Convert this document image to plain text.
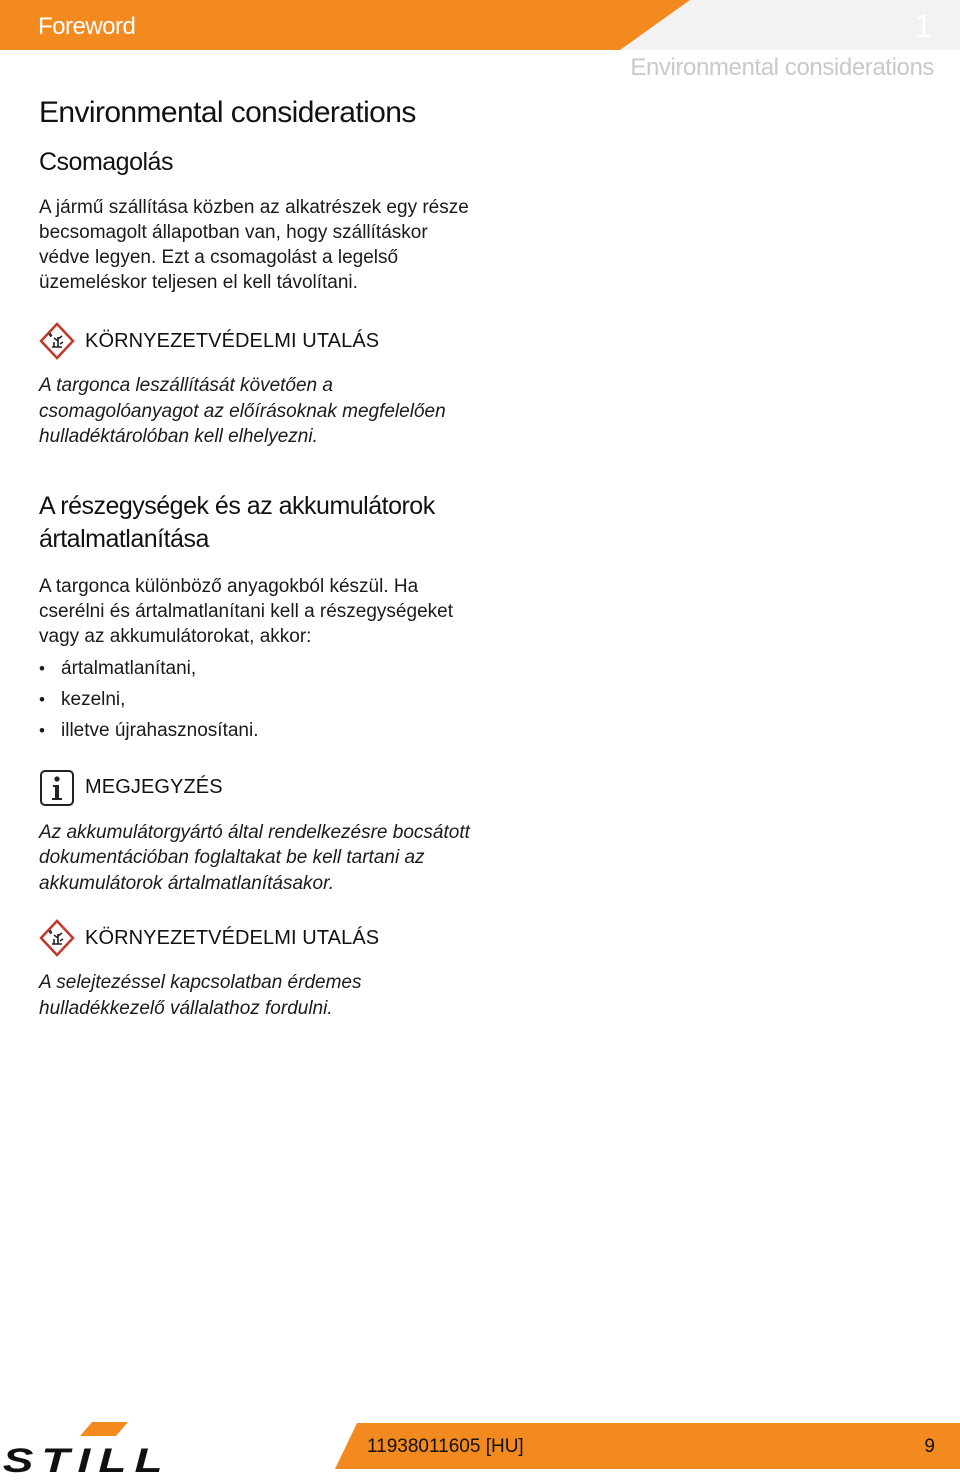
Foreword	1
Environmental considerations
Environmental considerations
Csomagolás

A jármű szállítása közben az alkatrészek egy része becsomagolt állapotban van, hogy szállításkor védve legyen. Ezt a csomagolást a legelső üzemeléskor teljesen el kell távolítani.

KÖRNYEZETVÉDELMI UTALÁS

A targonca leszállítását követően a csomagolóanyagot az előírásoknak megfelelően hulladéktárolóban kell elhelyezni.

A részegységek és az akkumulátorok ártalmatlanítása

A targonca különböző anyagokból készül. Ha cserélni és ártalmatlanítani kell a részegységeket vagy az akkumulátorokat, akkor:

• ártalmatlanítani,
• kezelni,
• illetve újrahasznosítani.
MEGJEGYZÉS

Az akkumulátorgyártó által rendelkezésre bocsátott dokumentációban foglaltakat be kell tartani az akkumulátorok ártalmatlanításakor.

KÖRNYEZETVÉDELMI UTALÁS

A selejtezéssel kapcsolatban érdemes hulladékkezelő vállalathoz fordulni.

STILL	11938011605 [HU]	9
